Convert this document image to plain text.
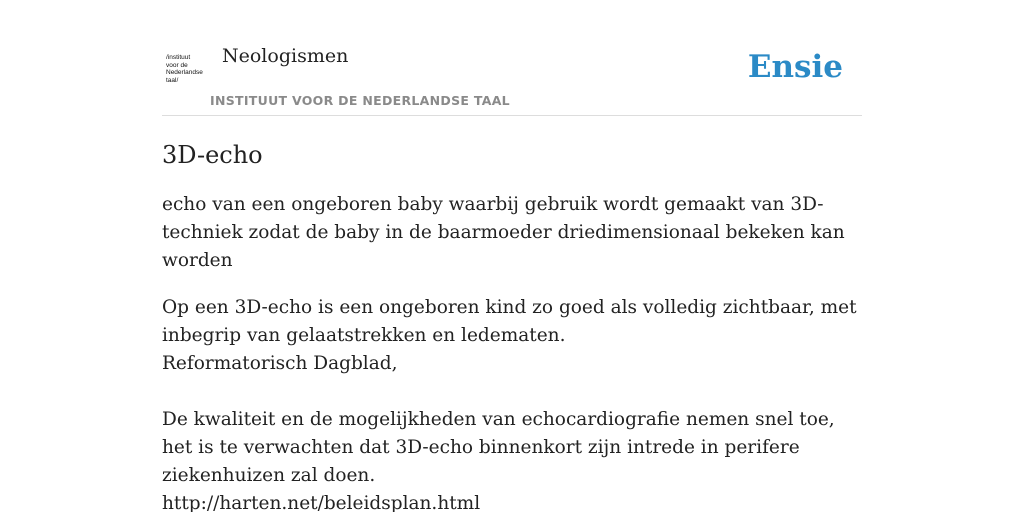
/instituut
voor de
Nederlandse
taal/
Neologismen
INSTITUUT VOOR DE NEDERLANDSE TAAL
Ensie
3D-echo

echo van een ongeboren baby waarbij gebruik wordt gemaakt van 3D-techniek zodat de baby in de baarmoeder driedimensionaal bekeken kan worden

Op een 3D-echo is een ongeboren kind zo goed als volledig zichtbaar, met inbegrip van gelaatstrekken en ledematen.
Reformatorisch Dagblad,
De kwaliteit en de mogelijkheden van echocardiografie nemen snel toe, het is te verwachten dat 3D-echo binnenkort zijn intrede in perifere ziekenhuizen zal doen.
http://harten.net/beleidsplan.html
